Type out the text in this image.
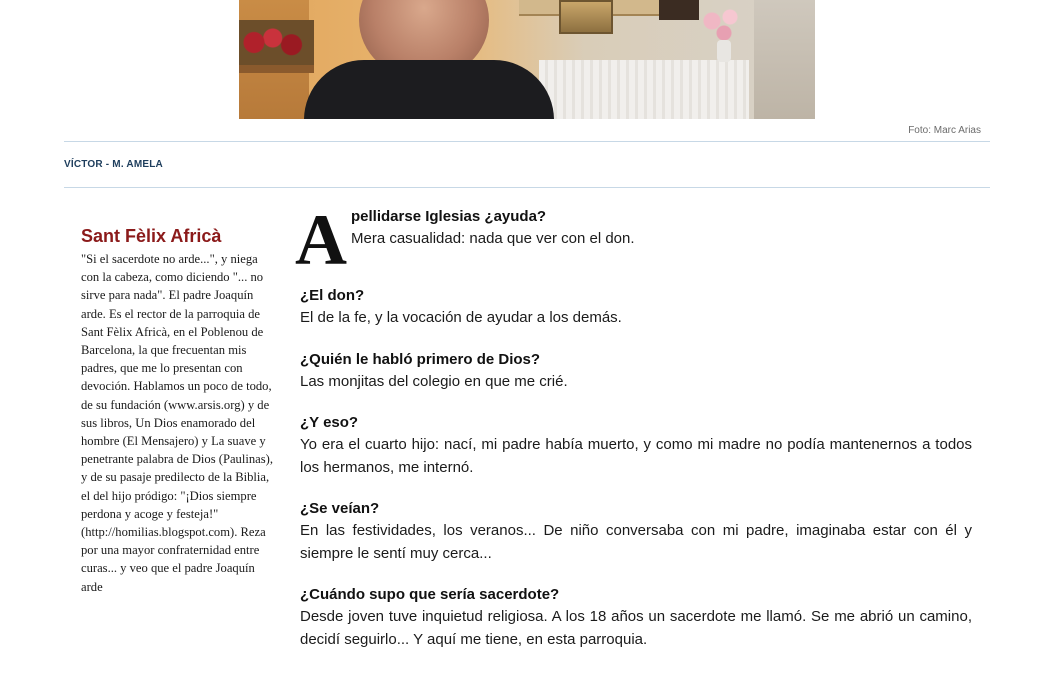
Foto: Marc Arias
VÍCTOR - M. AMELA
Sant Fèlix Africà

"Si el sacerdote no arde...", y niega con la cabeza, como diciendo "... no sirve para nada". El padre Joaquín arde. Es el rector de la parroquia de Sant Fèlix Africà, en el Poblenou de Barcelona, la que frecuentan mis padres, que me lo presentan con devoción. Hablamos un poco de todo, de su fundación (www.arsis.org) y de sus libros, Un Dios enamorado del hombre (El Mensajero) y La suave y penetrante palabra de Dios (Paulinas), y de su pasaje predilecto de la Biblia, el del hijo pródigo: "¡Dios siempre perdona y acoge y festeja!" (http://homilias.blogspot.com). Reza por una mayor confraternidad entre curas... y veo que el padre Joaquín arde

A pellidarse Iglesias ¿ayuda?
Mera casualidad: nada que ver con el don.
¿El don?
El de la fe, y la vocación de ayudar a los demás.
¿Quién le habló primero de Dios?
Las monjitas del colegio en que me crié.
¿Y eso?
Yo era el cuarto hijo: nací, mi padre había muerto, y como mi madre no podía mantenernos a todos los hermanos, me internó.
¿Se veían?
En las festividades, los veranos... De niño conversaba con mi padre, imaginaba estar con él y siempre le sentí muy cerca...
¿Cuándo supo que sería sacerdote?
Desde joven tuve inquietud religiosa. A los 18 años un sacerdote me llamó. Se me abrió un camino, decidí seguirlo... Y aquí me tiene, en esta parroquia.
